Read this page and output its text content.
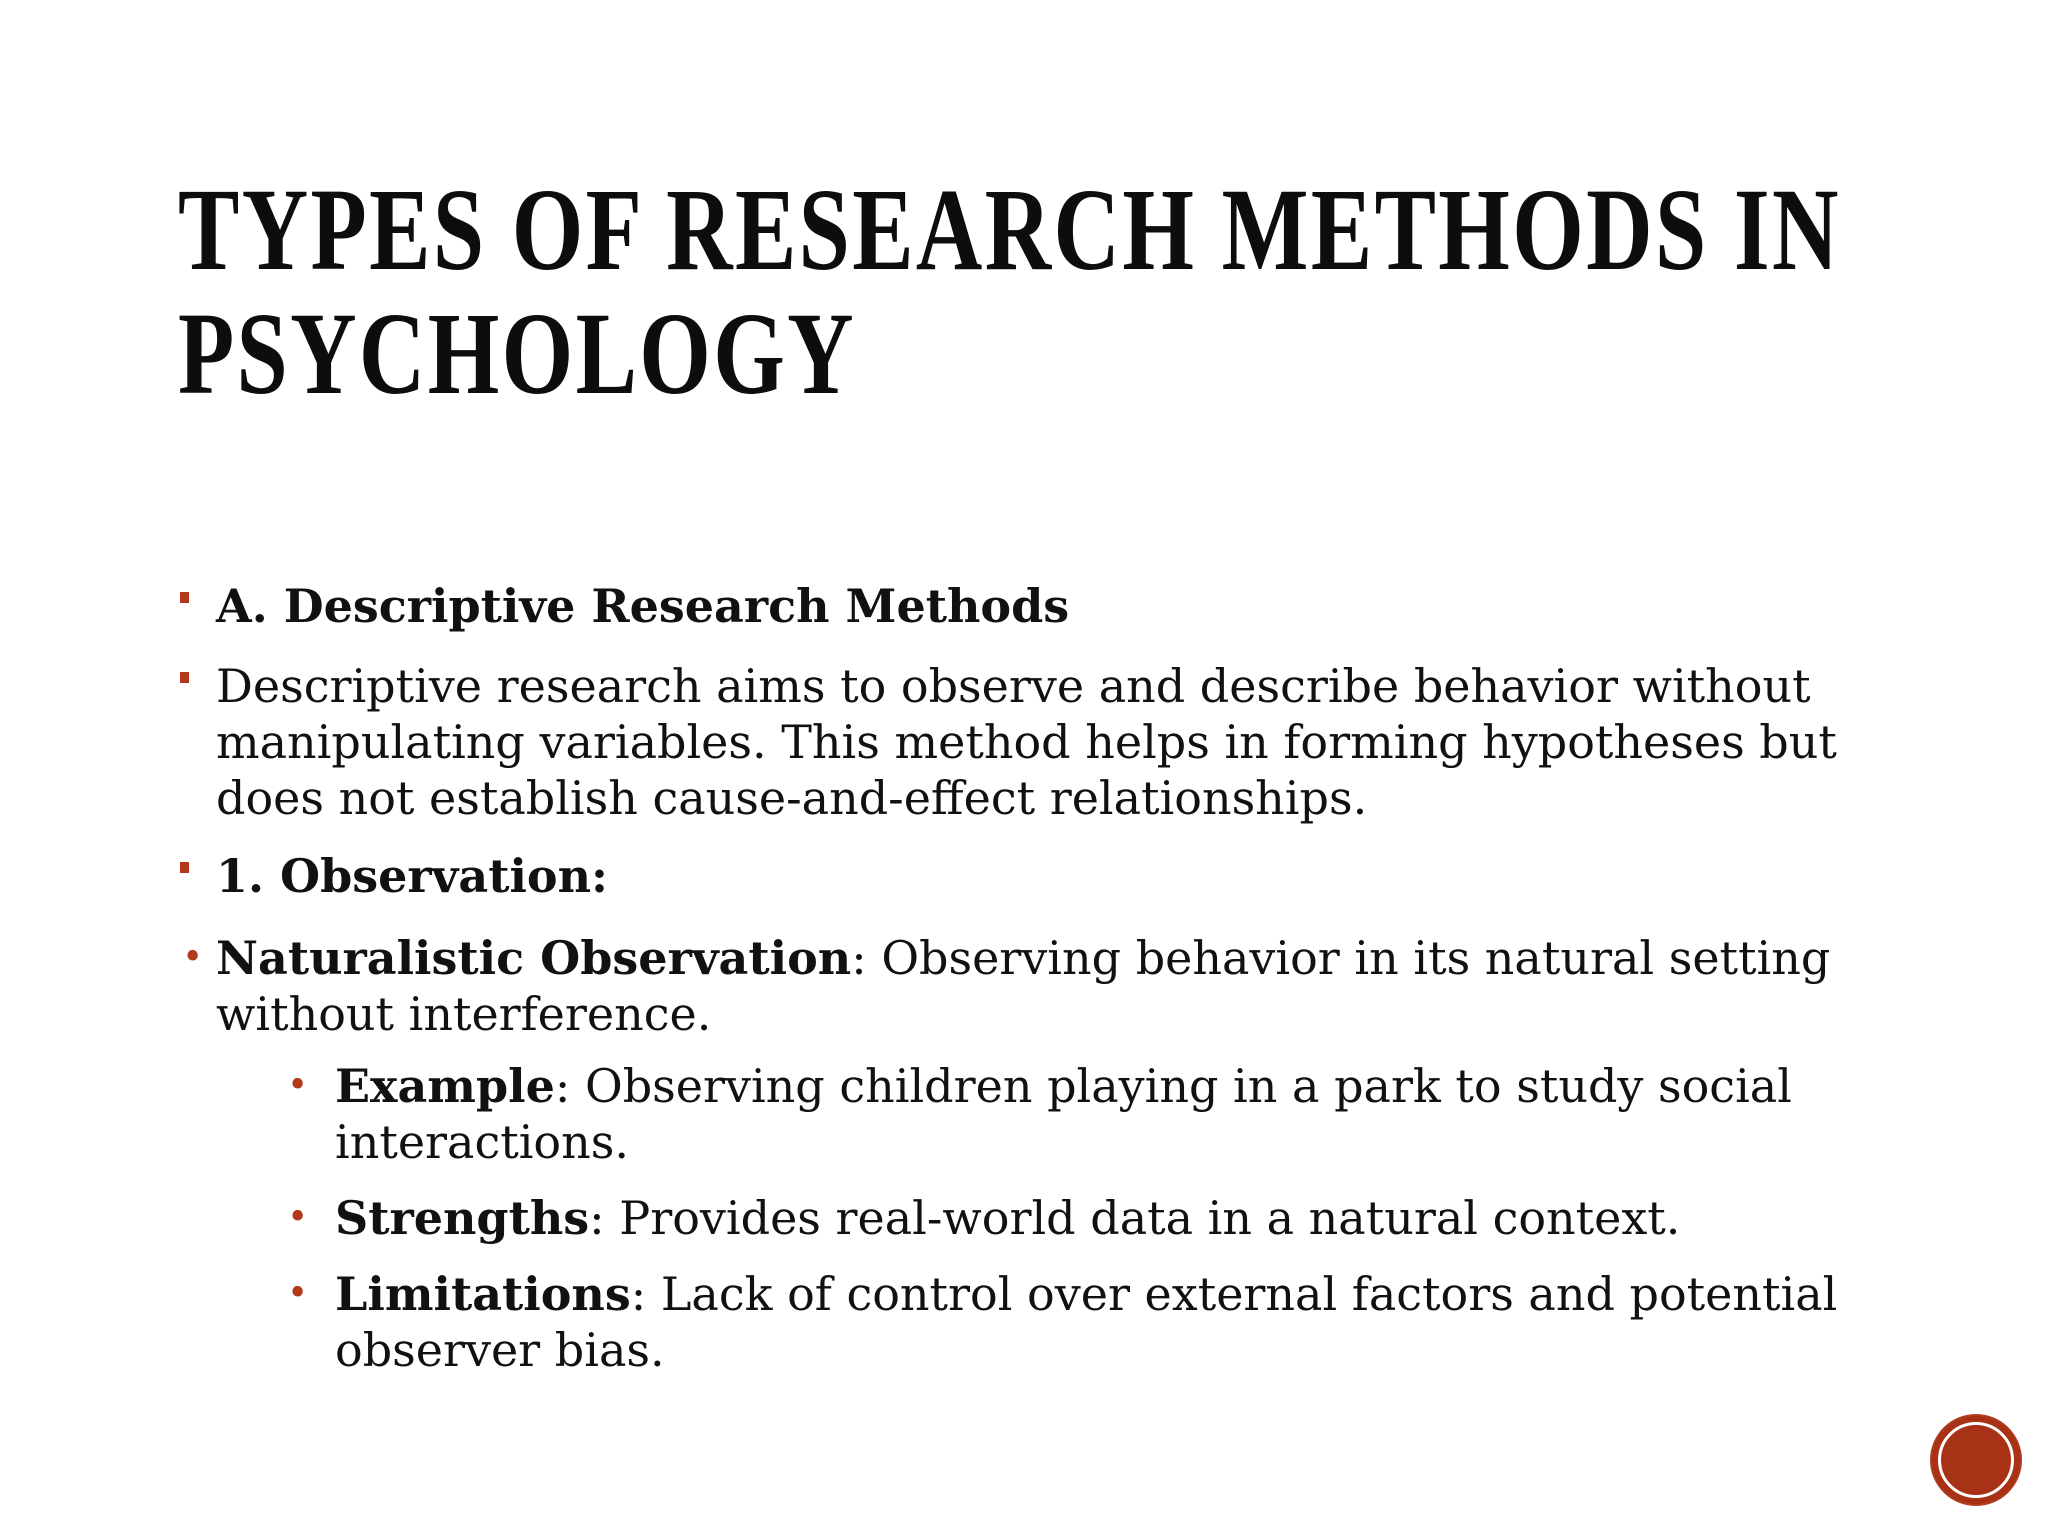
TYPES OF RESEARCH METHODS IN
PSYCHOLOGY
A. Descriptive Research Methods
Descriptive research aims to observe and describe behavior without manipulating variables. This method helps in forming hypotheses but does not establish cause-and-effect relationships.
1. Observation:
• Naturalistic Observation: Observing behavior in its natural setting without interference.
• Example: Observing children playing in a park to study social interactions.
• Strengths: Provides real-world data in a natural context.
• Limitations: Lack of control over external factors and potential observer bias.
